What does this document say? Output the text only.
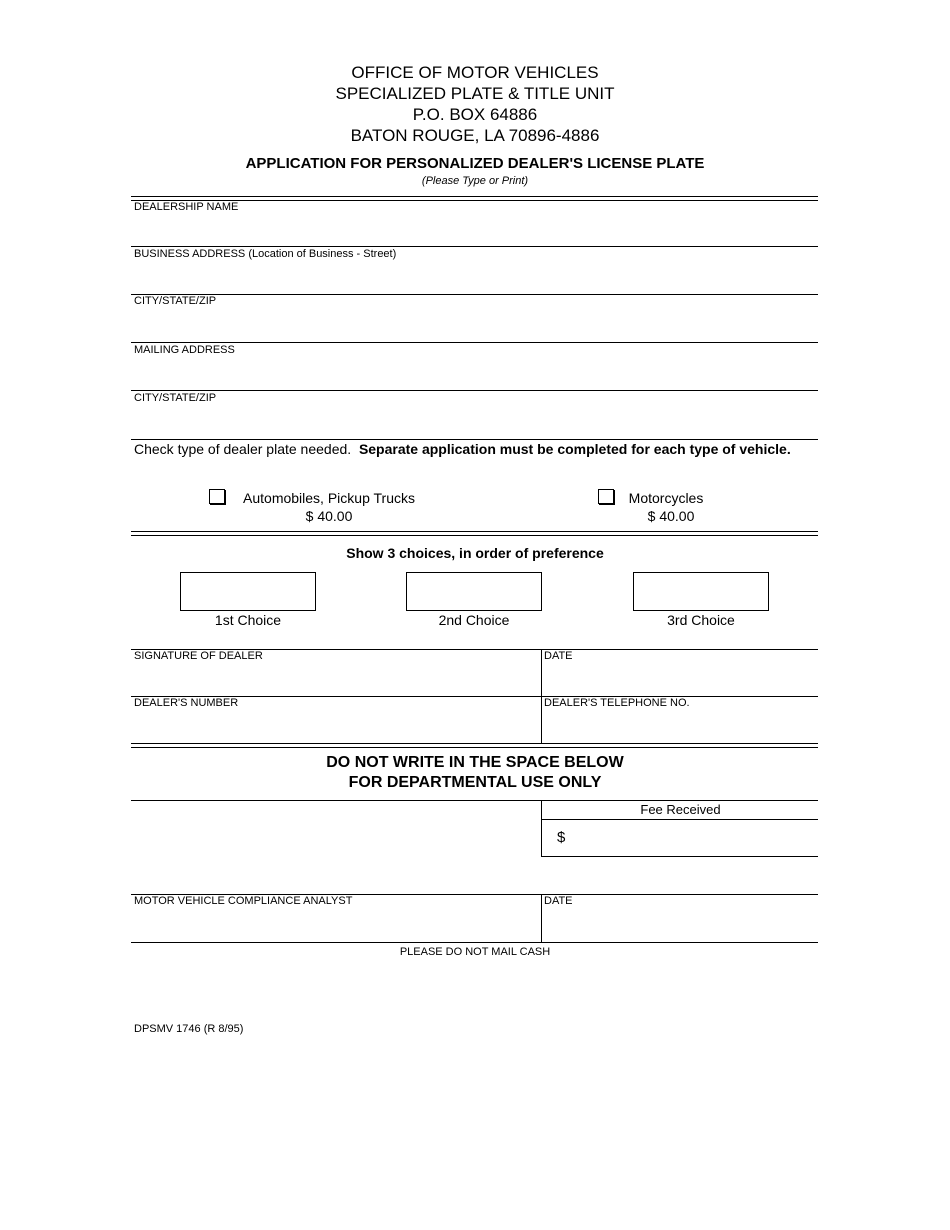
OFFICE OF MOTOR VEHICLES
SPECIALIZED PLATE & TITLE UNIT
P.O. BOX 64886
BATON ROUGE, LA 70896-4886
APPLICATION FOR PERSONALIZED DEALER'S LICENSE PLATE
(Please Type or Print)
DEALERSHIP NAME
BUSINESS ADDRESS (Location of Business - Street)
CITY/STATE/ZIP
MAILING ADDRESS
CITY/STATE/ZIP
Check type of dealer plate needed. Separate application must be completed for each type of vehicle.
Automobiles, Pickup Trucks
$ 40.00
Motorcycles
$ 40.00
Show 3 choices, in order of preference
1st Choice	2nd Choice	3rd Choice
SIGNATURE OF DEALER	DATE
DEALER'S NUMBER	DEALER'S TELEPHONE NO.
DO NOT WRITE IN THE SPACE BELOW
FOR DEPARTMENTAL USE ONLY
Fee Received
$
MOTOR VEHICLE COMPLIANCE ANALYST	DATE
PLEASE DO NOT MAIL CASH
DPSMV 1746 (R 8/95)
